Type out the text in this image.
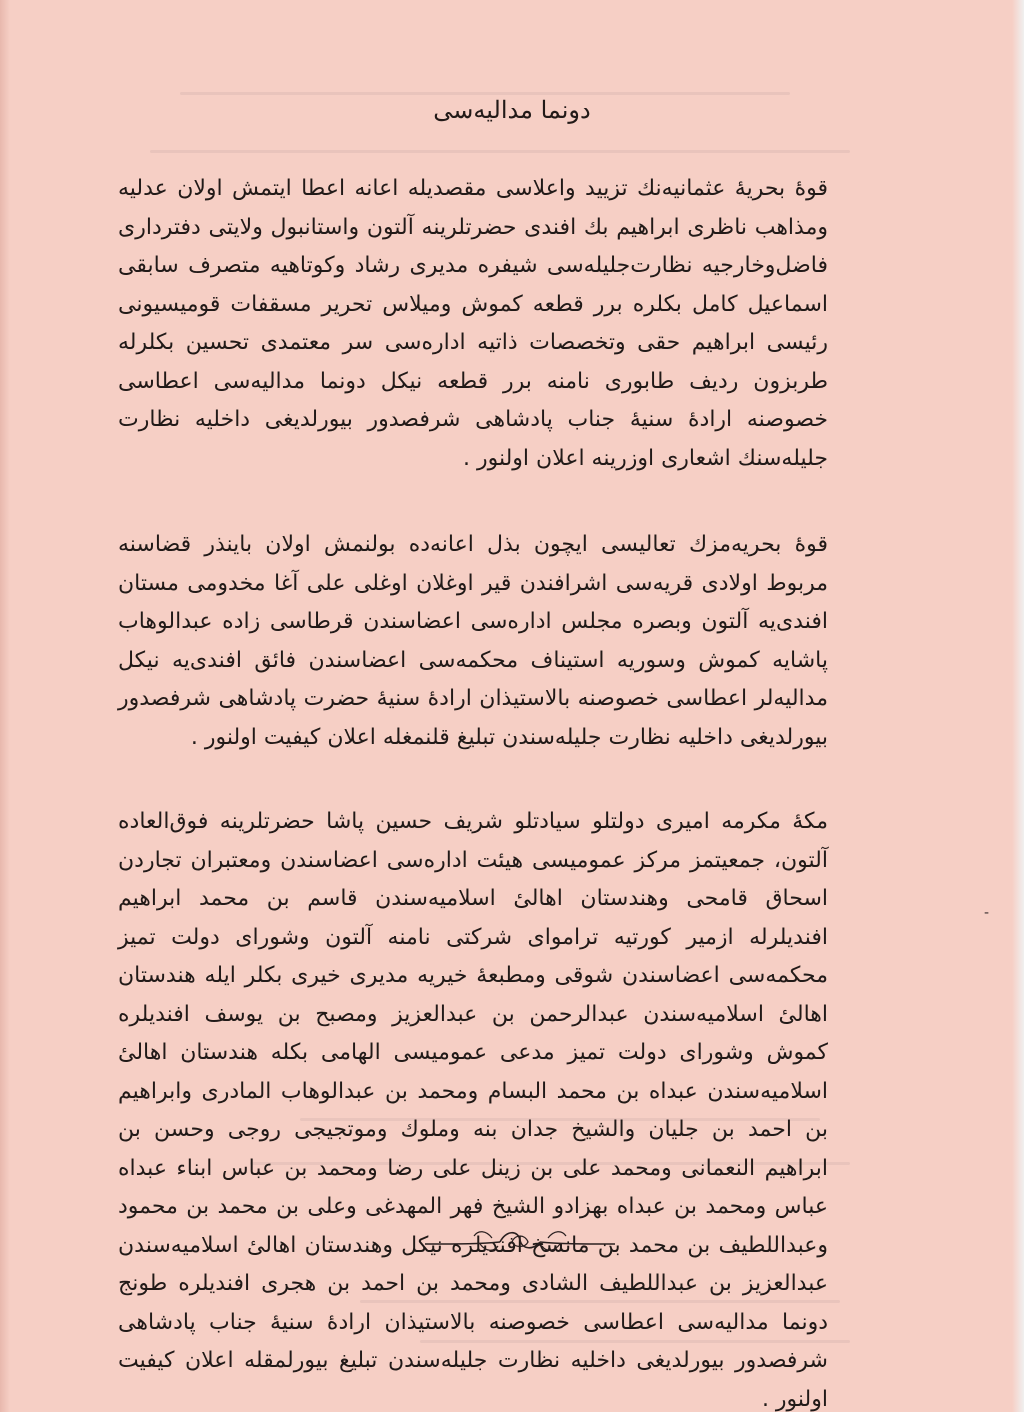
دونما مدالیه‌سی

قوهٔ بحریهٔ عثمانیه‌نك تزیید واعلاسی مقصدیله اعانه اعطا ایتمش اولان عدلیه ومذاهب ناظری ابراهیم بك افندی حضرتلرینه آلتون واستانبول ولایتی دفترداری فاضل‌وخارجیه نظارت‌جلیله‌سی شیفره مدیری رشاد وکوتاهیه متصرف سابقی اسماعیل کامل بکلره برر قطعه کموش ومیلاس تحریر مسقفات قومیسیونی رئیسی ابراهیم حقی وتخصصات ذاتیه اداره‌سی سر معتمدی تحسین بکلرله طربزون ردیف طابوری نامنه برر قطعه نیکل دونما مدالیه‌سی اعطاسی خصوصنه ارادهٔ سنیهٔ جناب پادشاهی شرفصدور بیورلدیغی داخلیه نظارت جلیله‌سنك اشعاری اوزرینه اعلان اولنور .

قوهٔ بحریه‌مزك تعالیسی ایچون بذل اعانه‌ده بولنمش اولان باینذر قضاسنه مربوط اولادی قریه‌سی اشرافندن قیر اوغلان اوغلی علی آغا مخدومی مستان افندی‌یه آلتون وبصره مجلس اداره‌سی اعضاسندن قرطاسی زاده عبدالوهاب پاشایه کموش وسوریه استیناف محکمه‌سی اعضاسندن فائق افندی‌یه نیکل مدالیه‌لر اعطاسی خصوصنه بالاستیذان ارادهٔ سنیهٔ حضرت پادشاهی شرفصدور بیورلدیغی داخلیه نظارت جلیله‌سندن تبلیغ قلنمغله اعلان کیفیت اولنور .

مکهٔ مکرمه امیری دولتلو سیادتلو شریف حسین پاشا حضرتلرینه فوق‌العاده آلتون، جمعیتمز مرکز عمومیسی هیئت اداره‌سی اعضاسندن ومعتبران تجاردن اسحاق قامحی وهندستان اهالیٔ اسلامیه‌سندن قاسم بن محمد ابراهیم افندیلرله ازمیر کورتیه تراموای شرکتی نامنه آلتون وشورای دولت تمیز محکمه‌سی اعضاسندن شوقی ومطبعهٔ خیریه مدیری خیری بکلر ایله هندستان اهالیٔ اسلامیه‌سندن عبدالرحمن بن عبدالعزیز ومصبح بن یوسف افندیلره کموش وشورای دولت تمیز مدعی عمومیسی الهامی بکله هندستان اهالیٔ اسلامیه‌سندن عبداه بن محمد البسام ومحمد بن عبدالوهاب المادری وابراهیم بن احمد بن جلیان والشیخ جدان بنه وملوك وموتجیجی روجی وحسن بن ابراهیم النعمانی ومحمد علی بن زینل علی رضا ومحمد بن عباس ابناء عبداه عباس ومحمد بن عبداه بهزادو الشیخ فهر المهدغی وعلی بن محمد بن محمود وعبداللطیف بن محمد بن مانسخ افندیلره نیکل وهندستان اهالیٔ اسلامیه‌سندن عبدالعزیز بن عبداللطیف الشادی ومحمد بن احمد بن هجری افندیلره طونج دونما مدالیه‌سی اعطاسی خصوصنه بالاستیذان ارادهٔ سنیهٔ جناب پادشاهی شرفصدور بیورلدیغی داخلیه نظارت جلیله‌سندن تبلیغ بیورلمقله اعلان کیفیت اولنور .

-
